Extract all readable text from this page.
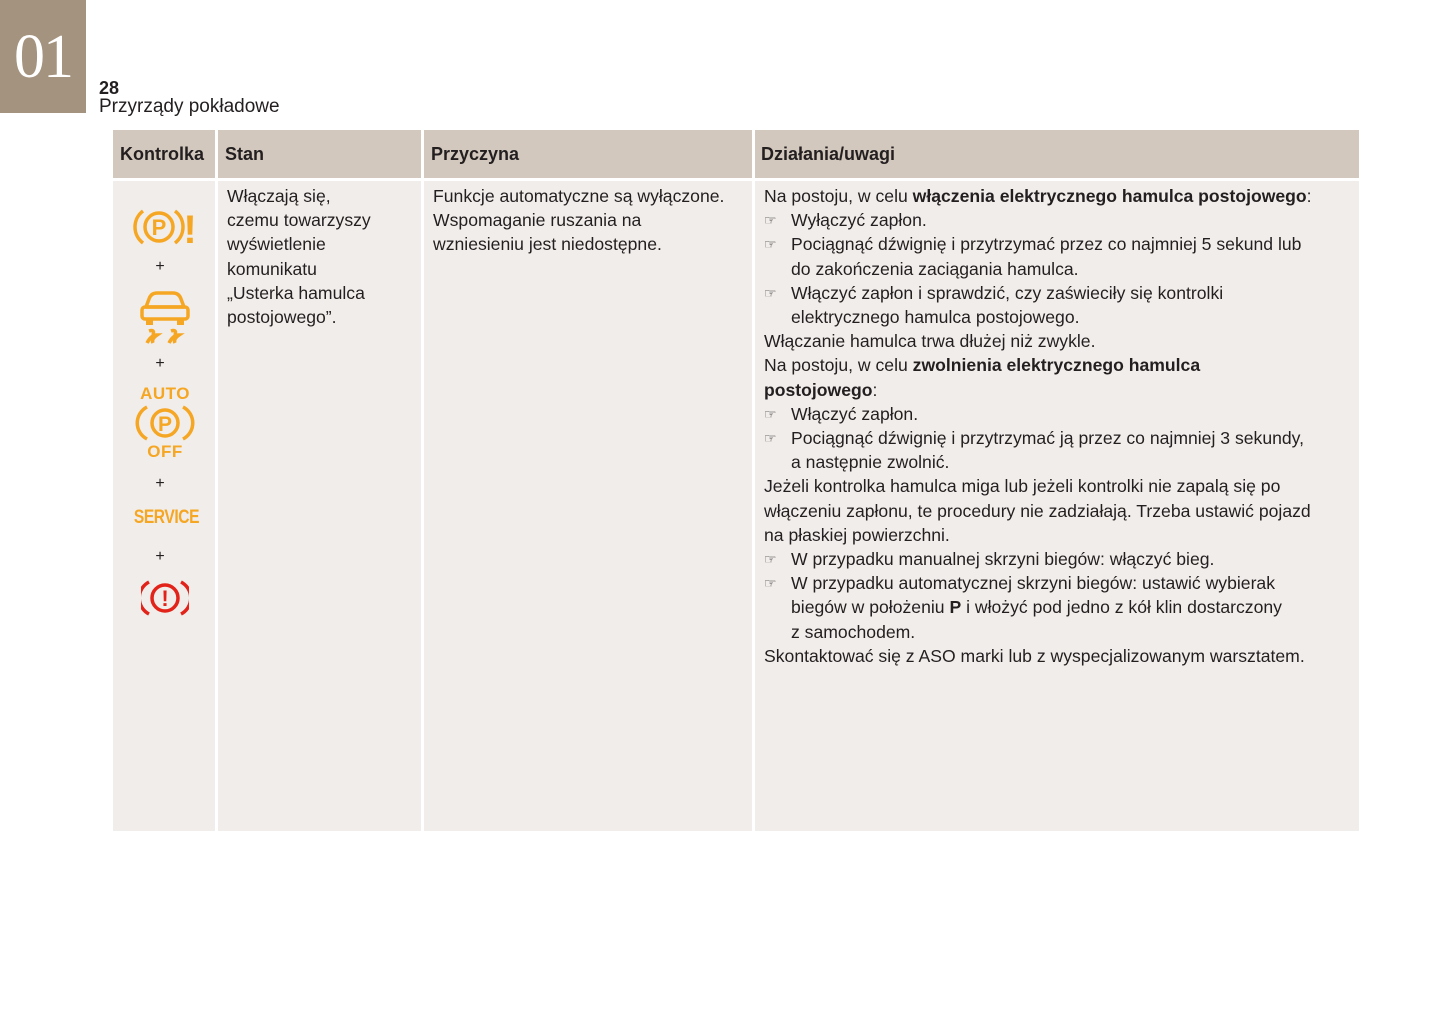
01 28
Przyrządy pokładowe
Kontrolka
P !
+
+
AUTO
P
OFF
+
SERVICE
+
!
Stan
Włączają się,
czemu towarzyszy
wyświetlenie
komunikatu
„Usterka hamulca
postojowego”.
Przyczyna
Funkcje automatyczne są wyłączone.
Wspomaganie ruszania na
wzniesieniu jest niedostępne.
Działania/uwagi
Na postoju, w celu włączenia elektrycznego hamulca postojowego:
☞ Wyłączyć zapłon.
☞ Pociągnąć dźwignię i przytrzymać przez co najmniej 5 sekund lub
do zakończenia zaciągania hamulca.
☞ Włączyć zapłon i sprawdzić, czy zaświeciły się kontrolki
elektrycznego hamulca postojowego.
Włączanie hamulca trwa dłużej niż zwykle.
Na postoju, w celu zwolnienia elektrycznego hamulca
postojowego:
☞ Włączyć zapłon.
☞ Pociągnąć dźwignię i przytrzymać ją przez co najmniej 3 sekundy,
a następnie zwolnić.
Jeżeli kontrolka hamulca miga lub jeżeli kontrolki nie zapalą się po
włączeniu zapłonu, te procedury nie zadziałają. Trzeba ustawić pojazd
na płaskiej powierzchni.
☞ W przypadku manualnej skrzyni biegów: włączyć bieg.
☞ W przypadku automatycznej skrzyni biegów: ustawić wybierak
biegów w położeniu P i włożyć pod jedno z kół klin dostarczony
z samochodem.
Skontaktować się z ASO marki lub z wyspecjalizowanym warsztatem.
